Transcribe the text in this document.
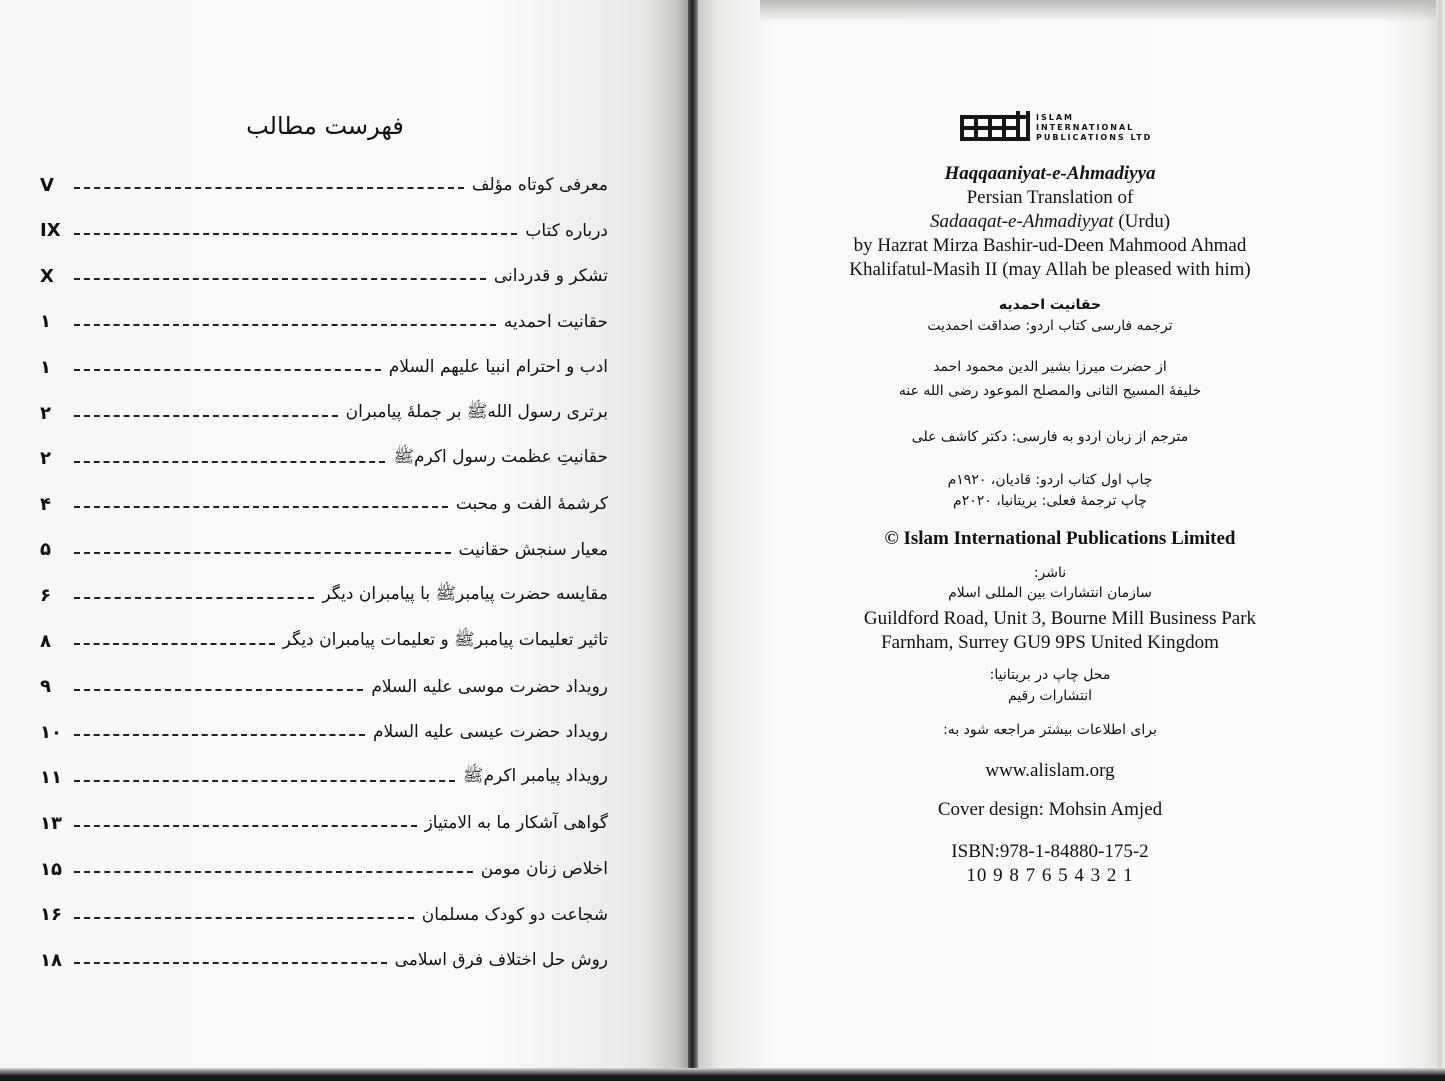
فهرست مطالب
V	معرفی کوتاه مؤلف
IX	درباره کتاب
X	تشکر و قدردانی
۱	حقانیت احمدیه
۱	ادب و احترام انبیا علیهم السلام
۲	برتری رسول اللهﷺ بر جملهٔ پیامبران
۲	حقانیتِ عظمت رسول اکرمﷺ
۴	کرشمهٔ الفت و محبت
۵	معیار سنجش حقانیت
۶	مقایسه حضرت پیامبرﷺ با پیامبران دیگر
۸	تاثیر تعلیمات پیامبرﷺ و تعلیمات پیامبران دیگر
۹	رویداد حضرت موسی علیه السلام
۱۰	رویداد حضرت عیسی علیه السلام
۱۱	رویداد پیامبر اکرمﷺ
۱۳	گواهی آشکار ما به الامتیاز
۱۵	اخلاص زنان مومن
۱۶	شجاعت دو کودک مسلمان
۱۸	روش حل اختلاف فرق اسلامی
ISLAM
INTERNATIONAL
PUBLICATIONS LTD
Haqqaaniyat-e-Ahmadiyya
Persian Translation of
Sadaaqat-e-Ahmadiyyat (Urdu)
by Hazrat Mirza Bashir-ud-Deen Mahmood Ahmad
Khalifatul-Masih II (may Allah be pleased with him)
حقانیت احمدیه
ترجمه فارسی کتاب اردو: صداقت احمدیت
از حضرت میرزا بشیر الدین محمود احمد
خلیفهٔ المسیح الثانی والمصلح الموعود رضی الله عنه
مترجم از زبان اردو به فارسی: دکتر کاشف علی
چاپ اول کتاب اردو: قادیان، ۱۹۲۰م
چاپ ترجمهٔ فعلی: بریتانیا، ۲۰۲۰م
© Islam International Publications Limited
ناشر:
سازمان انتشارات بین المللی اسلام
Guildford Road, Unit 3, Bourne Mill Business Park
Farnham, Surrey GU9 9PS United Kingdom
محل چاپ در بریتانیا:
انتشارات رقیم
برای اطلاعات بیشتر مراجعه شود به:
www.alislam.org
Cover design: Mohsin Amjed
ISBN:978-1-84880-175-2
10 9 8 7 6 5 4 3 2 1
